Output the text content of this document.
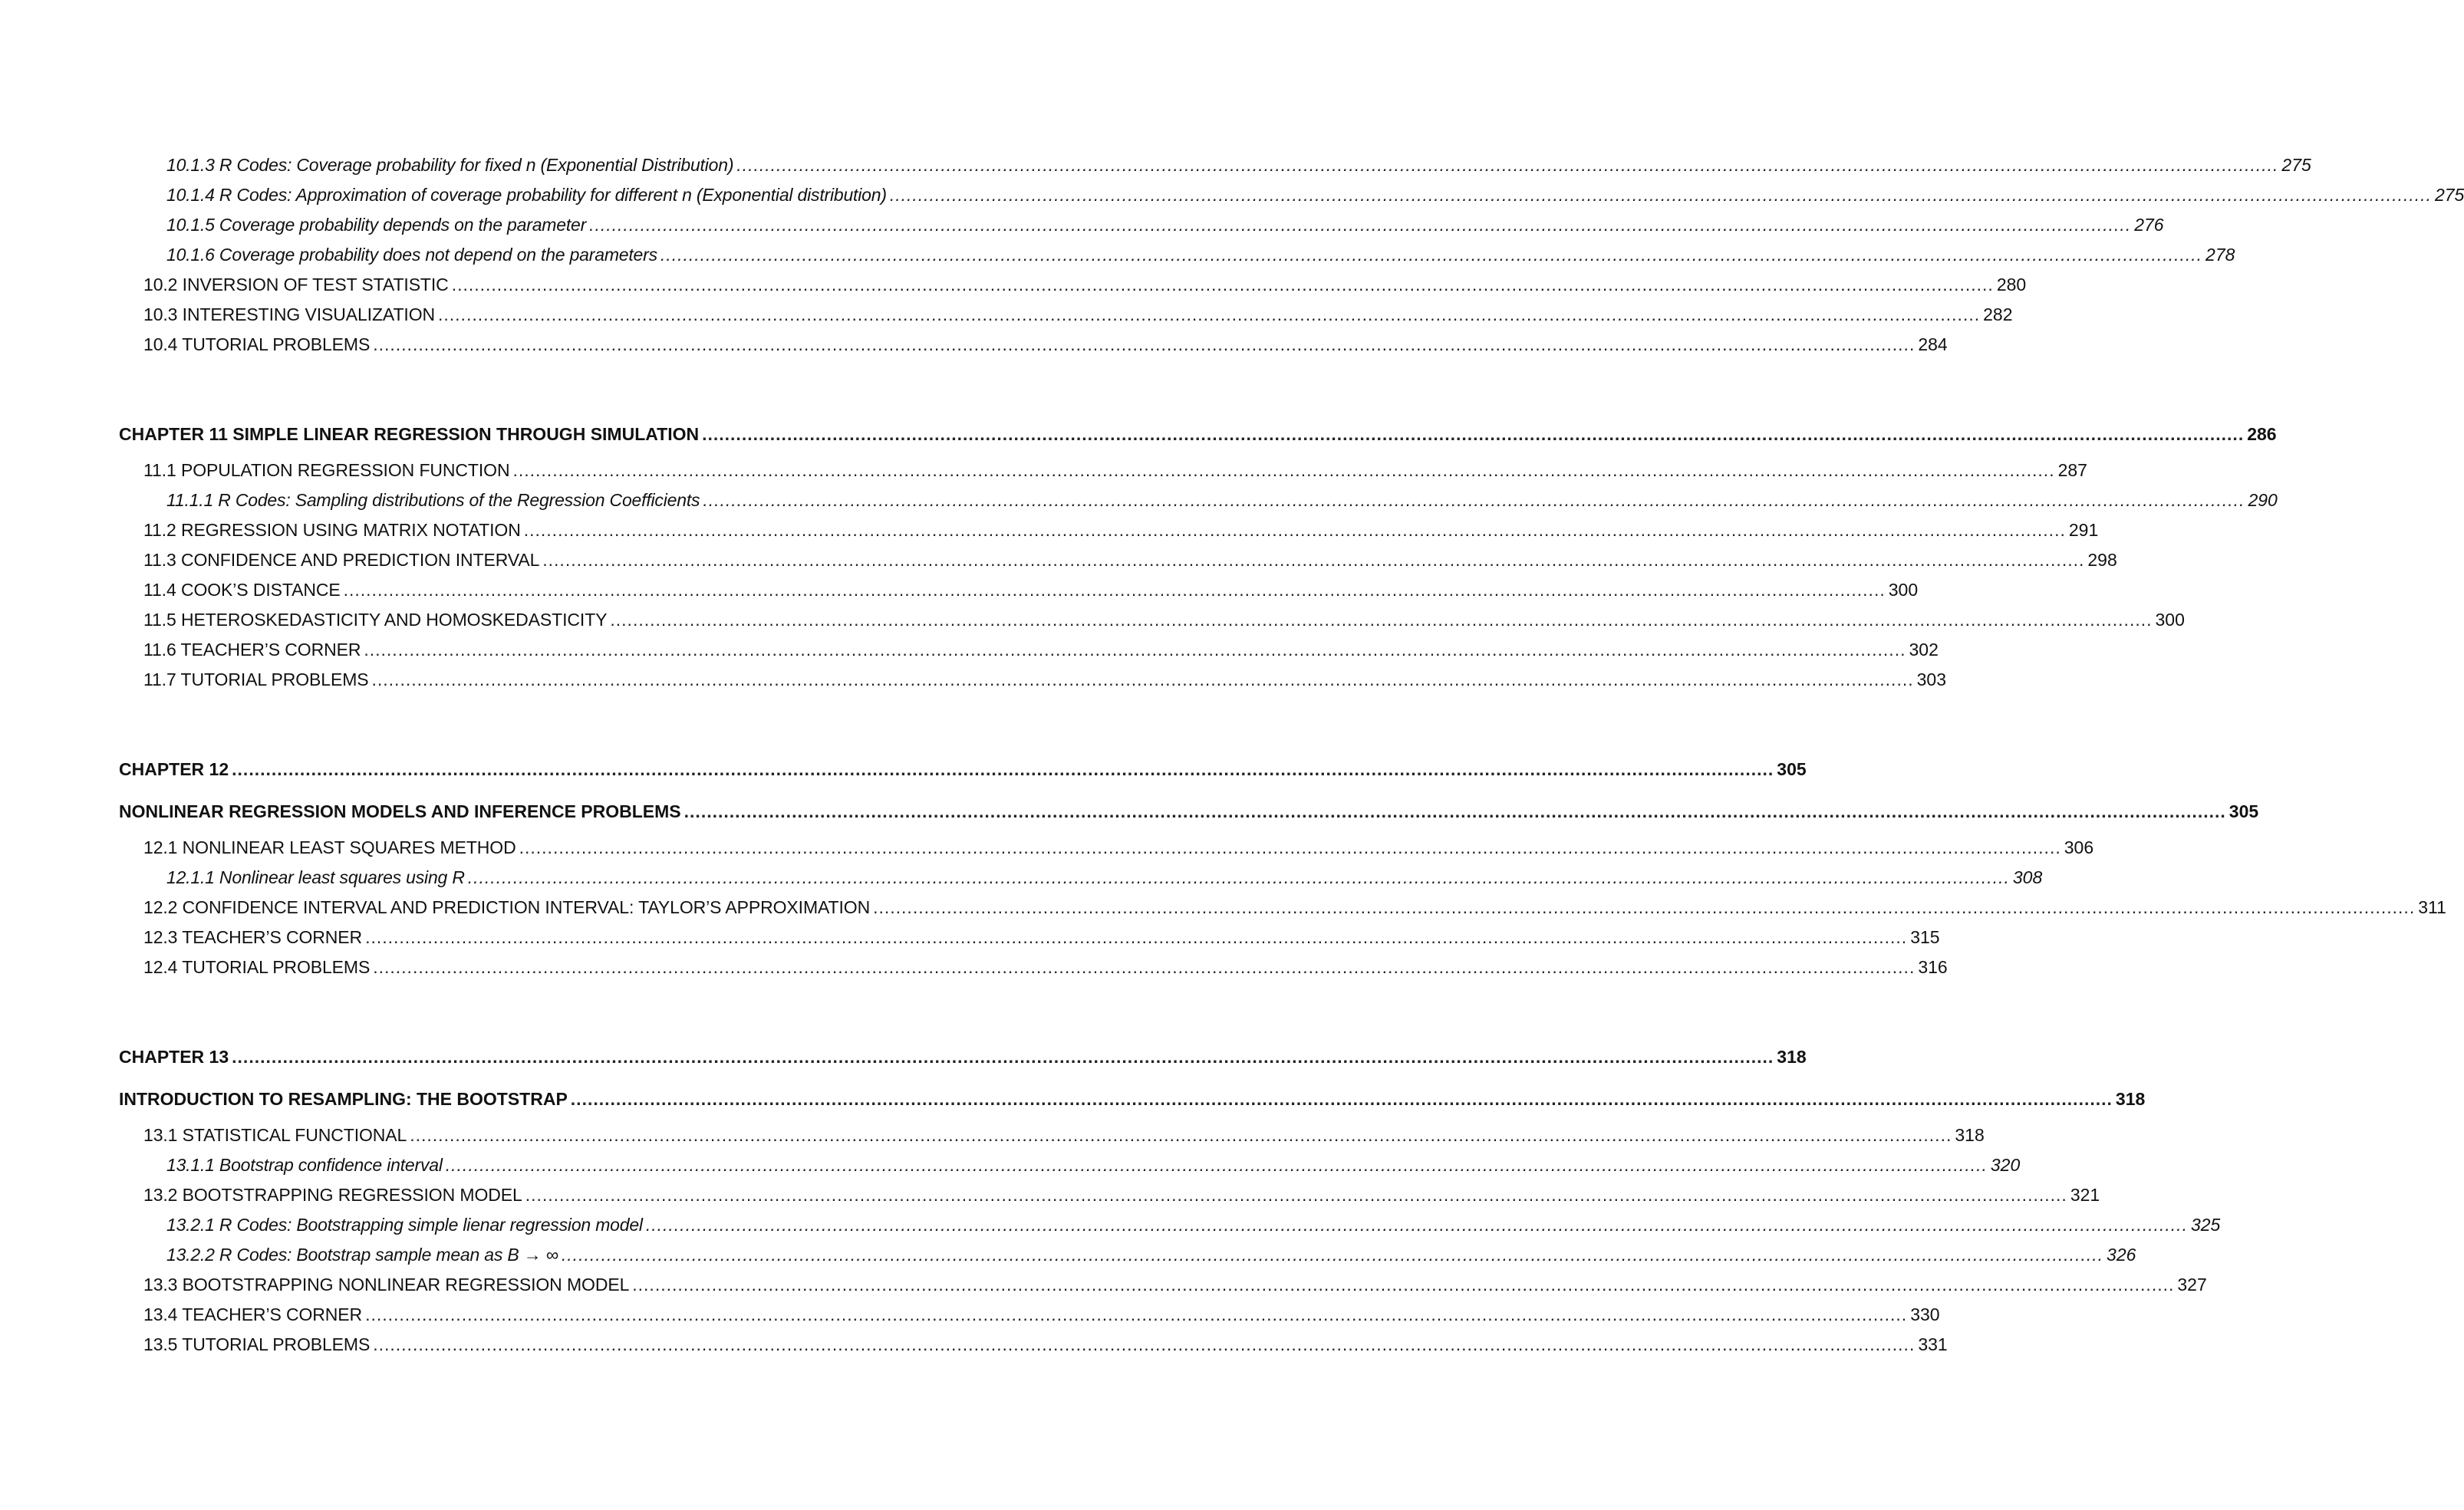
10.1.3 R Codes: Coverage probability for fixed n (Exponential Distribution) .....	275
10.1.4 R Codes: Approximation of coverage probability for different n (Exponential distribution) .....	275
10.1.5 Coverage probability depends on the parameter .....	276
10.1.6 Coverage probability does not depend on the parameters .....	278
10.2 INVERSION OF TEST STATISTIC .....	280
10.3 INTERESTING VISUALIZATION .....	282
10.4 TUTORIAL PROBLEMS .....	284
CHAPTER 11 SIMPLE LINEAR REGRESSION THROUGH SIMULATION .....	286
11.1 POPULATION REGRESSION FUNCTION .....	287
11.1.1 R Codes: Sampling distributions of the Regression Coefficients .....	290
11.2 REGRESSION USING MATRIX NOTATION .....	291
11.3 CONFIDENCE AND PREDICTION INTERVAL .....	298
11.4 COOK’S DISTANCE .....	300
11.5 HETEROSKEDASTICITY AND HOMOSKEDASTICITY .....	300
11.6 TEACHER’S CORNER .....	302
11.7 TUTORIAL PROBLEMS .....	303
CHAPTER 12 .....	305
NONLINEAR REGRESSION MODELS AND INFERENCE PROBLEMS .....	305
12.1 NONLINEAR LEAST SQUARES METHOD .....	306
12.1.1 Nonlinear least squares using R .....	308
12.2 CONFIDENCE INTERVAL AND PREDICTION INTERVAL: TAYLOR’S APPROXIMATION .....	311
12.3 TEACHER’S CORNER .....	315
12.4 TUTORIAL PROBLEMS .....	316
CHAPTER 13 .....	318
INTRODUCTION TO RESAMPLING: THE BOOTSTRAP .....	318
13.1 STATISTICAL FUNCTIONAL .....	318
13.1.1 Bootstrap confidence interval .....	320
13.2 BOOTSTRAPPING REGRESSION MODEL .....	321
13.2.1 R Codes: Bootstrapping simple lienar regression model .....	325
13.2.2 R Codes: Bootstrap sample mean as B → ∞ .....	326
13.3 BOOTSTRAPPING NONLINEAR REGRESSION MODEL .....	327
13.4 TEACHER’S CORNER .....	330
13.5 TUTORIAL PROBLEMS .....	331
